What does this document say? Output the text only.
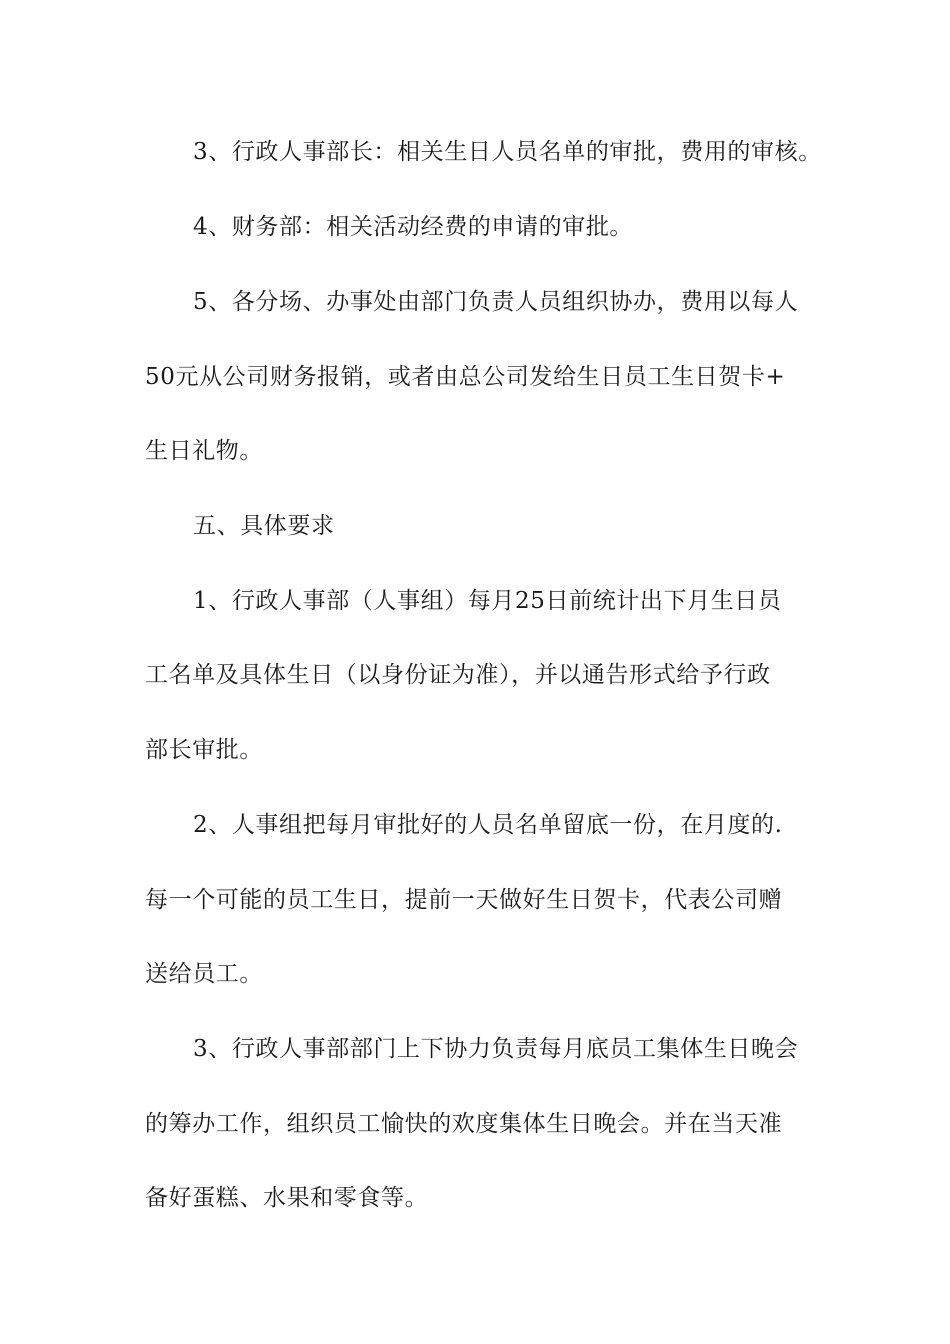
3、行政人事部长：相关生日人员名单的审批，费用的审核。
4、财务部：相关活动经费的申请的审批。
5、各分场、办事处由部门负责人员组织协办，费用以每人
50元从公司财务报销，或者由总公司发给生日员工生日贺卡+
生日礼物。
五、具体要求
1、行政人事部（人事组）每月25日前统计出下月生日员
工名单及具体生日（以身份证为准），并以通告形式给予行政
部长审批。
2、人事组把每月审批好的人员名单留底一份，在月度的.
每一个可能的员工生日，提前一天做好生日贺卡，代表公司赠
送给员工。
3、行政人事部部门上下协力负责每月底员工集体生日晚会
的筹办工作，组织员工愉快的欢度集体生日晚会。并在当天准
备好蛋糕、水果和零食等。
